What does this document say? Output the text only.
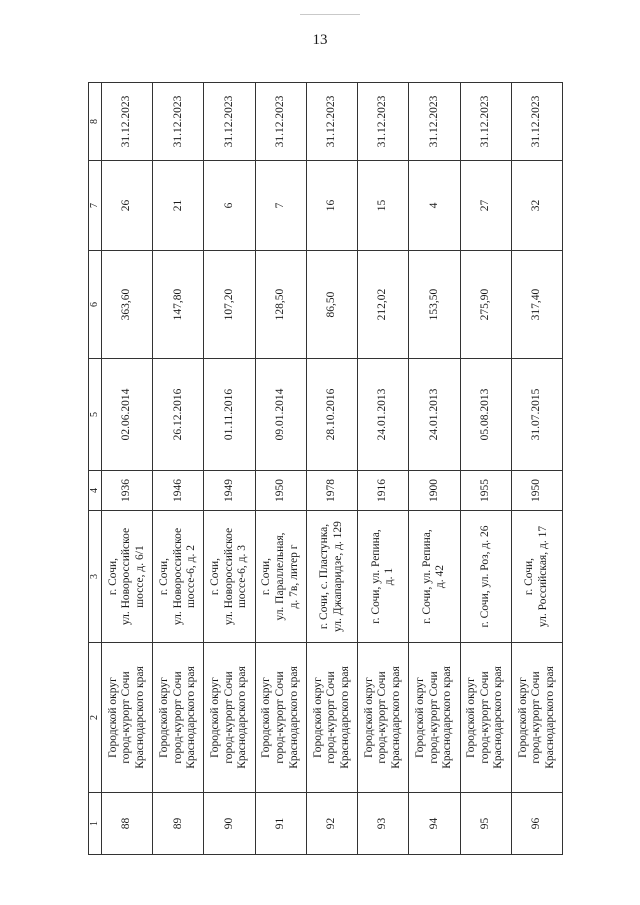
13
1	2	3	4	5	6	7	8
88	Городской округ город-курорт Сочи Краснодарского края	г. Сочи, ул. Новороссийское шоссе, д. 6/1	1936	02.06.2014	363,60	26	31.12.2023
89	Городской округ город-курорт Сочи Краснодарского края	г. Сочи, ул. Новороссийское шоссе-6, д. 2	1946	26.12.2016	147,80	21	31.12.2023
90	Городской округ город-курорт Сочи Краснодарского края	г. Сочи, ул. Новороссийское шоссе-6, д. 3	1949	01.11.2016	107,20	6	31.12.2023
91	Городской округ город-курорт Сочи Краснодарского края	г. Сочи, ул. Параллельная, д. 7в, литер г	1950	09.01.2014	128,50	7	31.12.2023
92	Городской округ город-курорт Сочи Краснодарского края	г. Сочи, с. Пластунка, ул. Джапаридзе, д. 129	1978	28.10.2016	86,50	16	31.12.2023
93	Городской округ город-курорт Сочи Краснодарского края	г. Сочи, ул. Репина, д. 1	1916	24.01.2013	212,02	15	31.12.2023
94	Городской округ город-курорт Сочи Краснодарского края	г. Сочи, ул. Репина, д. 42	1900	24.01.2013	153,50	4	31.12.2023
95	Городской округ город-курорт Сочи Краснодарского края	г. Сочи, ул. Роз, д. 26	1955	05.08.2013	275,90	27	31.12.2023
96	Городской округ город-курорт Сочи Краснодарского края	г. Сочи, ул. Российская, д. 17	1950	31.07.2015	317,40	32	31.12.2023
